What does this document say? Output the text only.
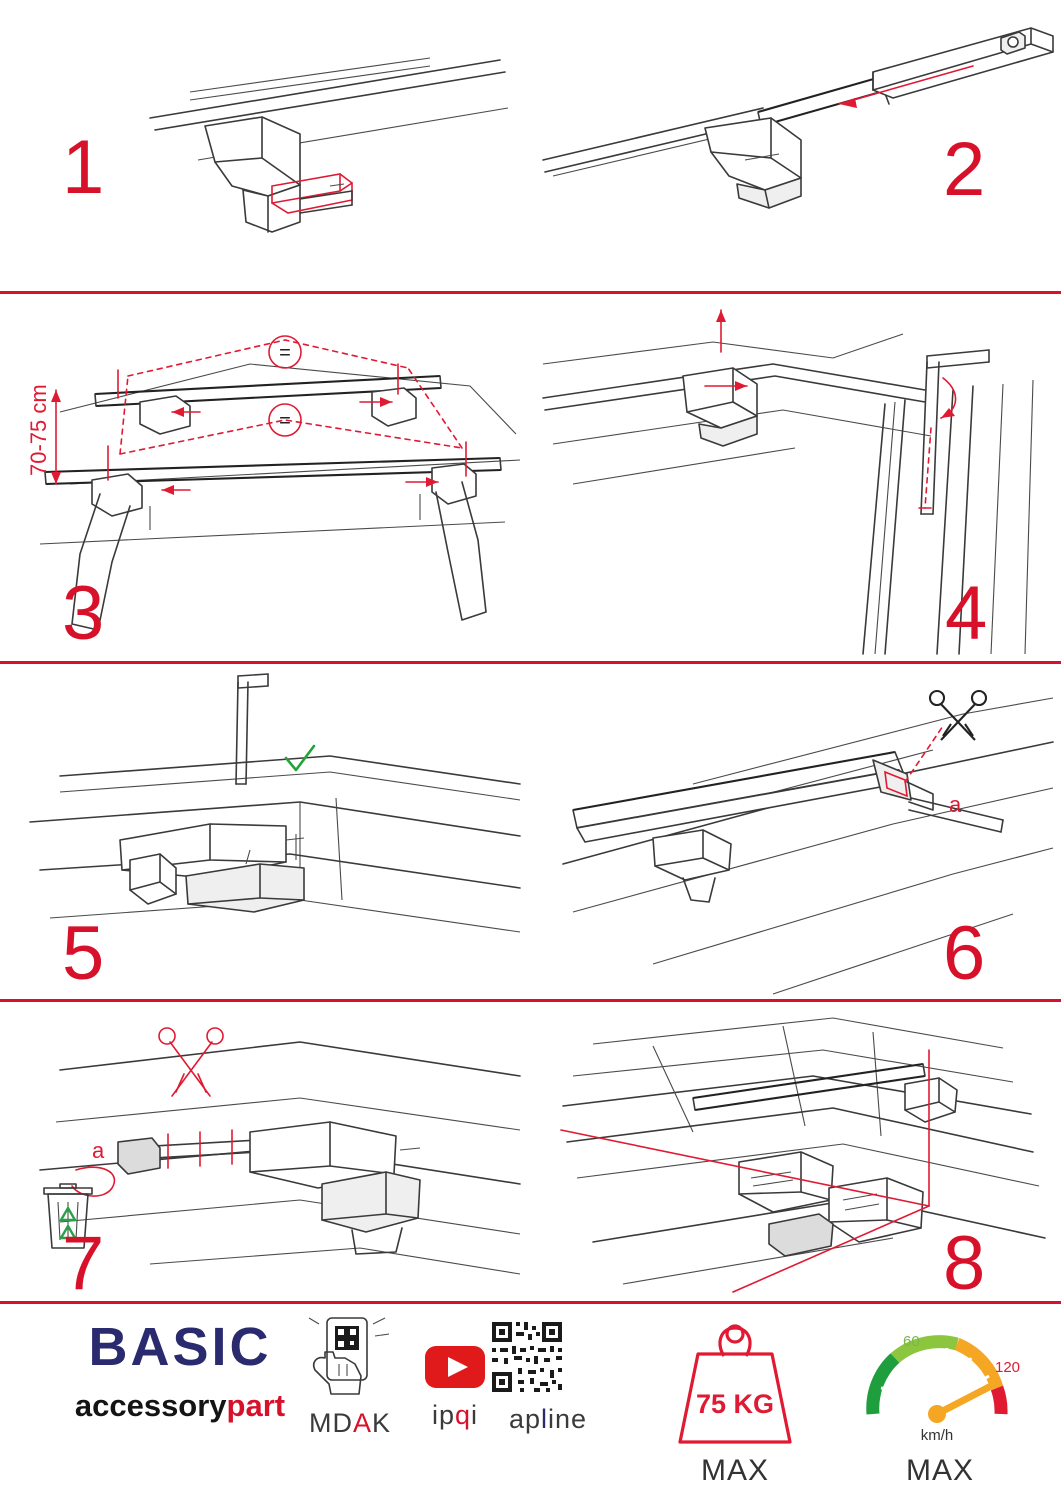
1	2
=
=
70-75 cm
3	4
5
a
6
a
7	8
BASIC
accessorypart MDAK	ipqi	apline	75 KG
MAX
60
120
km/h
MAX
